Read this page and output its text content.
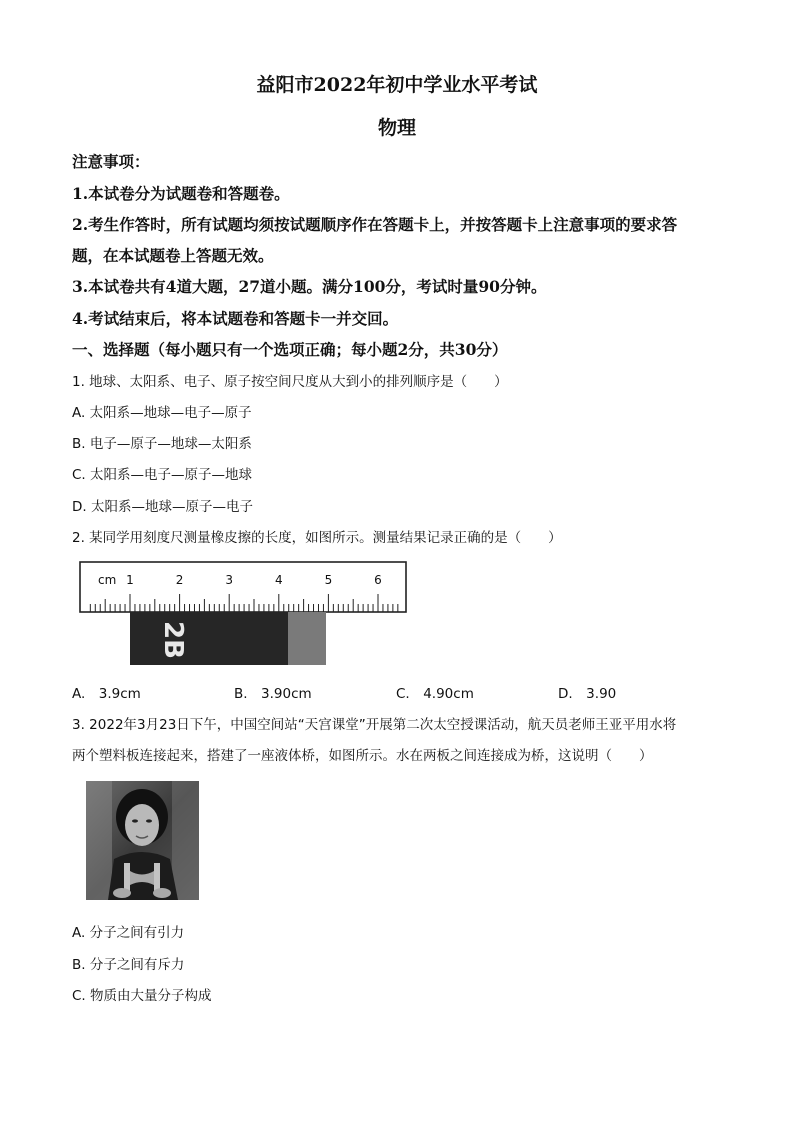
益阳市2022年初中学业水平考试
物理
注意事项：
1.本试卷分为试题卷和答题卷。
2.考生作答时，所有试题均须按试题顺序作在答题卡上，并按答题卡上注意事项的要求答
题，在本试题卷上答题无效。
3.本试卷共有4道大题，27道小题。满分100分，考试时量90分钟。
4.考试结束后，将本试题卷和答题卡一并交回。
一、选择题（每小题只有一个选项正确；每小题2分，共30分）
1. 地球、太阳系、电子、原子按空间尺度从大到小的排列顺序是（　　）
A. 太阳系—地球—电子—原子
B. 电子—原子—地球—太阳系
C. 太阳系—电子—原子—地球
D. 太阳系—地球—原子—电子
2. 某同学用刻度尺测量橡皮擦的长度，如图所示。测量结果记录正确的是（　　）
cm 1	2	3	4	5	6
2B
A.　3.9cm	B.　3.90cm	C.　4.90cm	D.　3.90
3. 2022年3月23日下午，中国空间站“天宫课堂”开展第二次太空授课活动，航天员老师王亚平用水将
两个塑料板连接起来，搭建了一座液体桥，如图所示。水在两板之间连接成为桥，这说明（　　）
A. 分子之间有引力
B. 分子之间有斥力
C. 物质由大量分子构成
